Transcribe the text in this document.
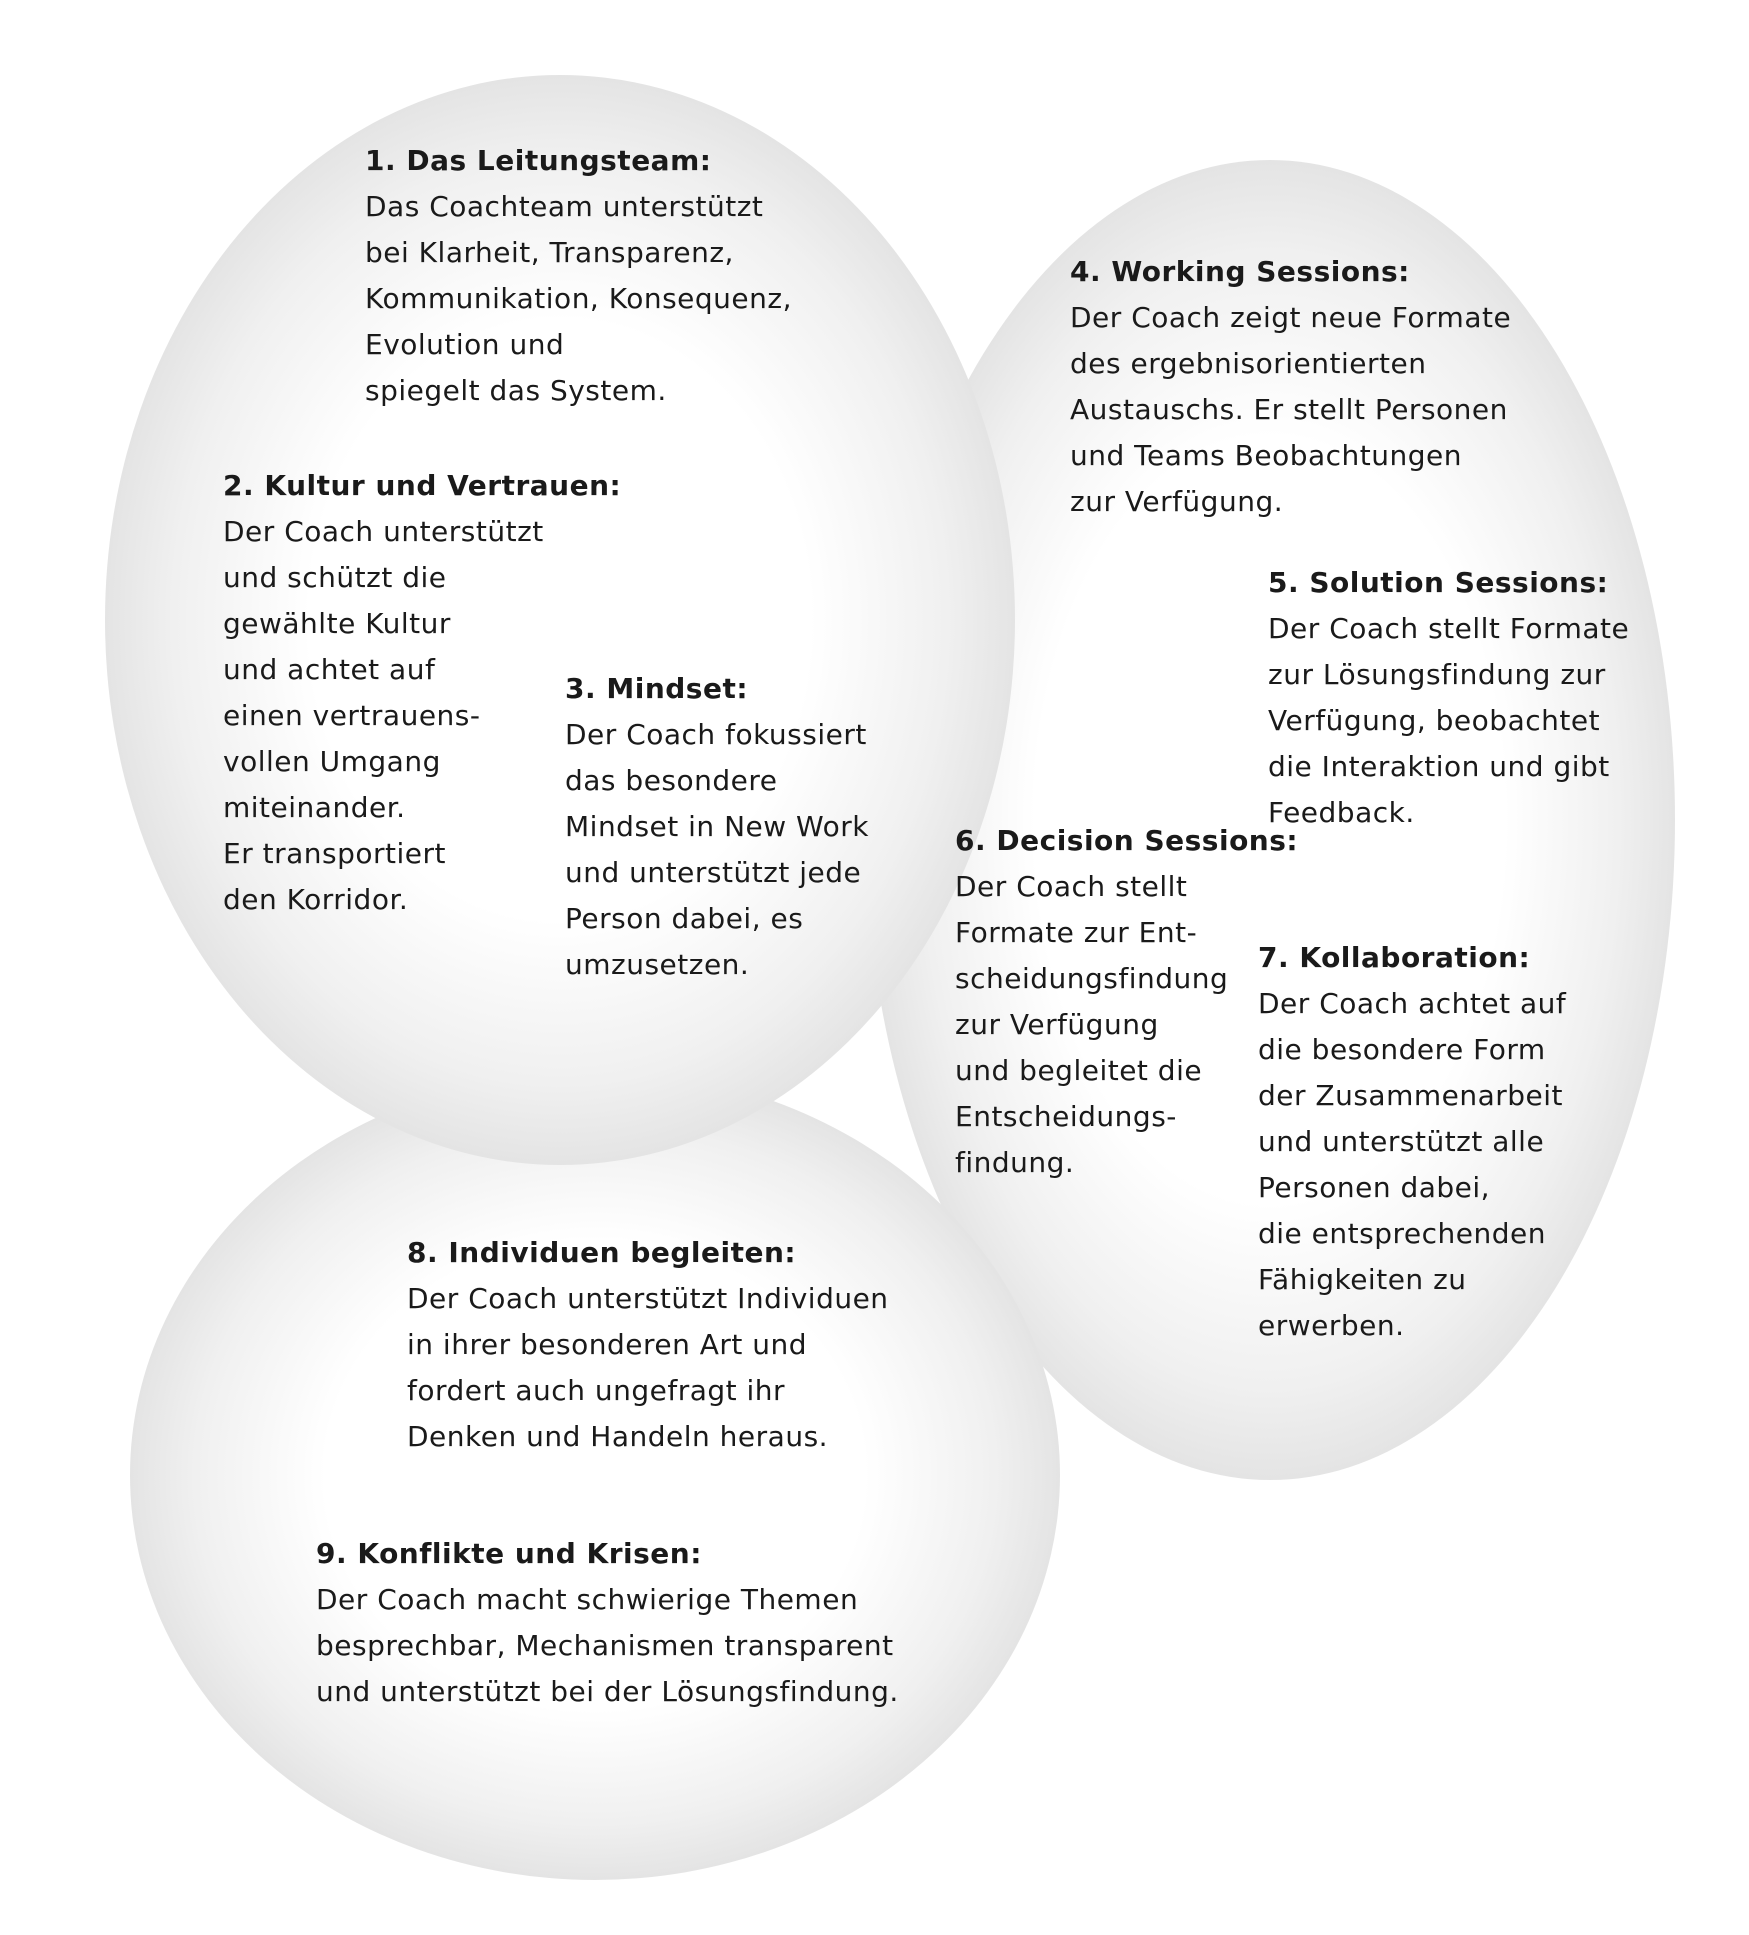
1. Das Leitungsteam:
Das Coachteam unterstützt
bei Klarheit, Transparenz,
Kommunikation, Konsequenz,
Evolution und
spiegelt das System.
2. Kultur und Vertrauen:
Der Coach unterstützt
und schützt die
gewählte Kultur
und achtet auf
einen vertrauens-
vollen Umgang
miteinander.
Er transportiert
den Korridor.
3. Mindset:
Der Coach fokussiert
das besondere
Mindset in New Work
und unterstützt jede
Person dabei, es
umzusetzen.
4. Working Sessions:
Der Coach zeigt neue Formate
des ergebnisorientierten
Austauschs. Er stellt Personen
und Teams Beobachtungen
zur Verfügung.
5. Solution Sessions:
Der Coach stellt Formate
zur Lösungsfindung zur
Verfügung, beobachtet
die Interaktion und gibt
Feedback.
6. Decision Sessions:
Der Coach stellt
Formate zur Ent-
scheidungsfindung
zur Verfügung
und begleitet die
Entscheidungs-
findung.
7. Kollaboration:
Der Coach achtet auf
die besondere Form
der Zusammenarbeit
und unterstützt alle
Personen dabei,
die entsprechenden
Fähigkeiten zu
erwerben.
8. Individuen begleiten:
Der Coach unterstützt Individuen
in ihrer besonderen Art und
fordert auch ungefragt ihr
Denken und Handeln heraus.
9. Konflikte und Krisen:
Der Coach macht schwierige Themen
besprechbar, Mechanismen transparent
und unterstützt bei der Lösungsfindung.
